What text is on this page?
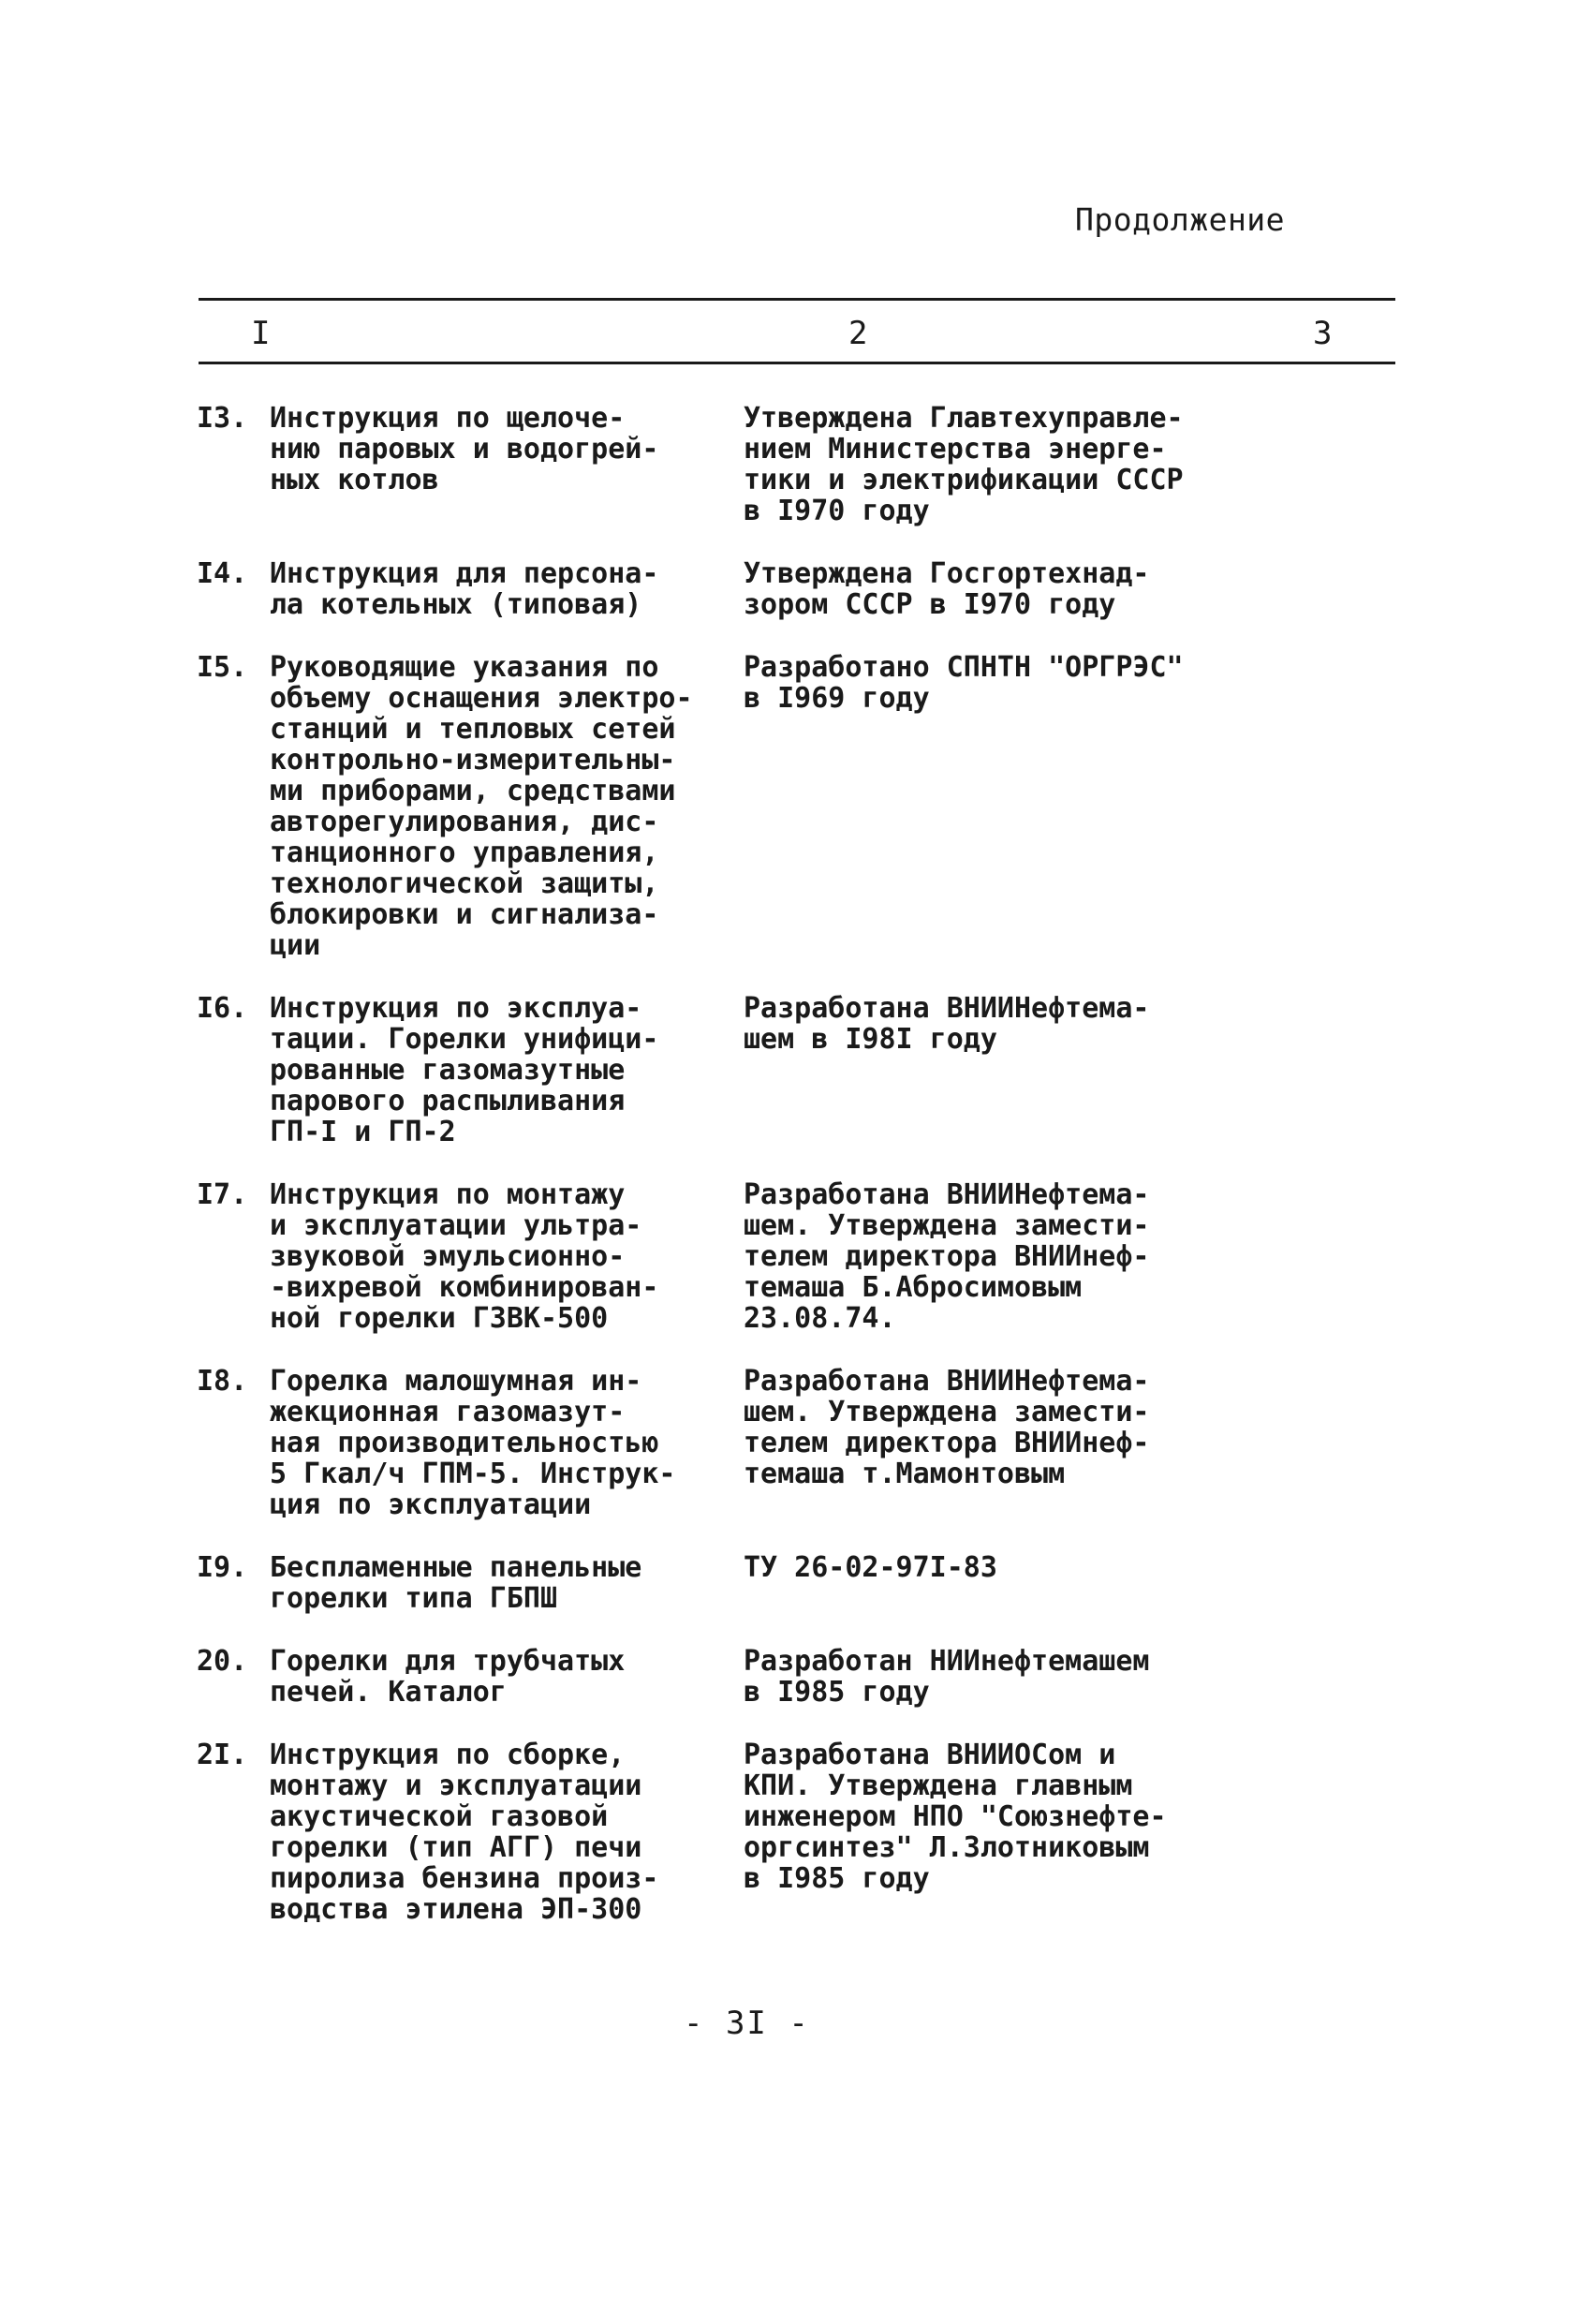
Продолжение
I	2	3
I3. Инструкция по щелоче-
нию паровых и водогрей-
ных котлов
Утверждена Главтехуправле-
нием Министерства энерге-
тики и электрификации СССР
в I970 году
I4. Инструкция для персона-
ла котельных (типовая)
Утверждена Госгортехнад-
зором СССР в I970 году
I5. Руководящие указания по
объему оснащения электро-
станций и тепловых сетей
контрольно-измерительны-
ми приборами, средствами
авторегулирования, дис-
танционного управления,
технологической защиты,
блокировки и сигнализа-
ции
Разработано СПНТН "ОРГРЭС"
в I969 году
I6. Инструкция по эксплуа-
тации. Горелки унифици-
рованные газомазутные
парового распыливания
ГП-I и ГП-2
Разработана ВНИИНефтема-
шем в I98I году
I7. Инструкция по монтажу
и эксплуатации ультра-
звуковой эмульсионно-
-вихревой комбинирован-
ной горелки ГЗВК-500
Разработана ВНИИНефтема-
шем. Утверждена замести-
телем директора ВНИИнеф-
темаша Б.Абросимовым
23.08.74.
I8. Горелка малошумная ин-
жекционная газомазут-
ная производительностью
5 Гкал/ч ГПМ-5. Инструк-
ция по эксплуатации
Разработана ВНИИНефтема-
шем. Утверждена замести-
телем директора ВНИИнеф-
темаша т.Мамонтовым
I9. Беспламенные панельные
горелки типа ГБПШ
ТУ 26-02-97I-83
20. Горелки для трубчатых
печей. Каталог
Разработан НИИнефтемашем
в I985 году
2I. Инструкция по сборке,
монтажу и эксплуатации
акустической газовой
горелки (тип АГГ) печи
пиролиза бензина произ-
водства этилена ЭП-300
Разработана ВНИИОСом и
КПИ. Утверждена главным
инженером НПО "Союзнефте-
оргсинтез" Л.Злотниковым
в I985 году
- 3I -
